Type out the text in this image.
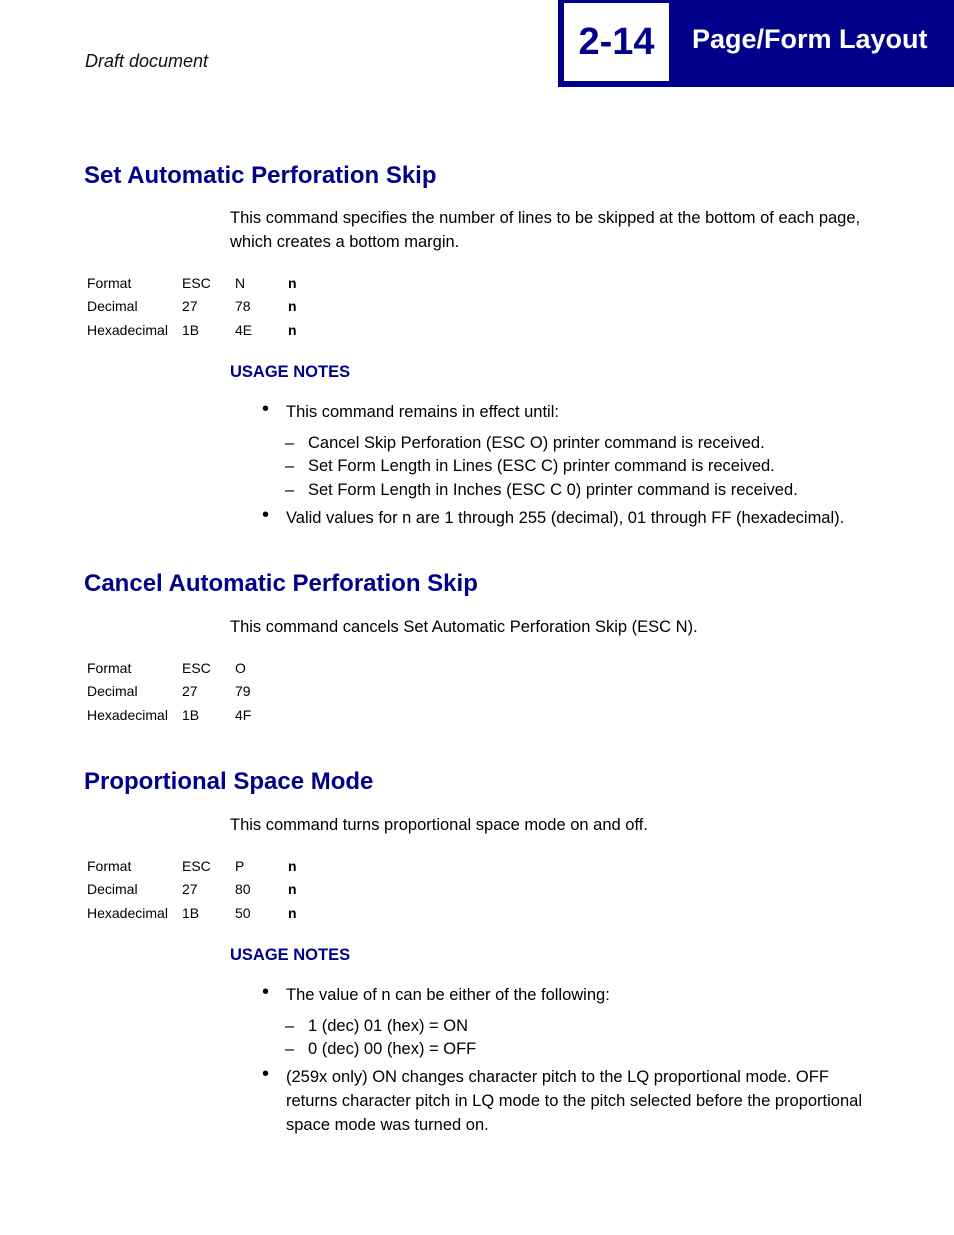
Draft document	2-14	Page/Form Layout
Set Automatic Perforation Skip

This command specifies the number of lines to be skipped at the bottom of each page, which creates a bottom margin.

Format	ESC	N	n
Decimal	27	78	n
Hexadecimal	1B	4E	n
USAGE NOTES
• This command remains in effect until:
– Cancel Skip Perforation (ESC O) printer command is received.
– Set Form Length in Lines (ESC C) printer command is received.
– Set Form Length in Inches (ESC C 0) printer command is received.
• Valid values for n are 1 through 255 (decimal), 01 through FF (hexadecimal).
Cancel Automatic Perforation Skip

This command cancels Set Automatic Perforation Skip (ESC N).

Format	ESC	O
Decimal	27	79
Hexadecimal	1B	4F
Proportional Space Mode

This command turns proportional space mode on and off.

Format	ESC	P	n
Decimal	27	80	n
Hexadecimal	1B	50	n
USAGE NOTES
• The value of n can be either of the following:
– 1 (dec) 01 (hex) = ON
– 0 (dec) 00 (hex) = OFF
• (259x only) ON changes character pitch to the LQ proportional mode. OFF returns character pitch in LQ mode to the pitch selected before the proportional space mode was turned on.
